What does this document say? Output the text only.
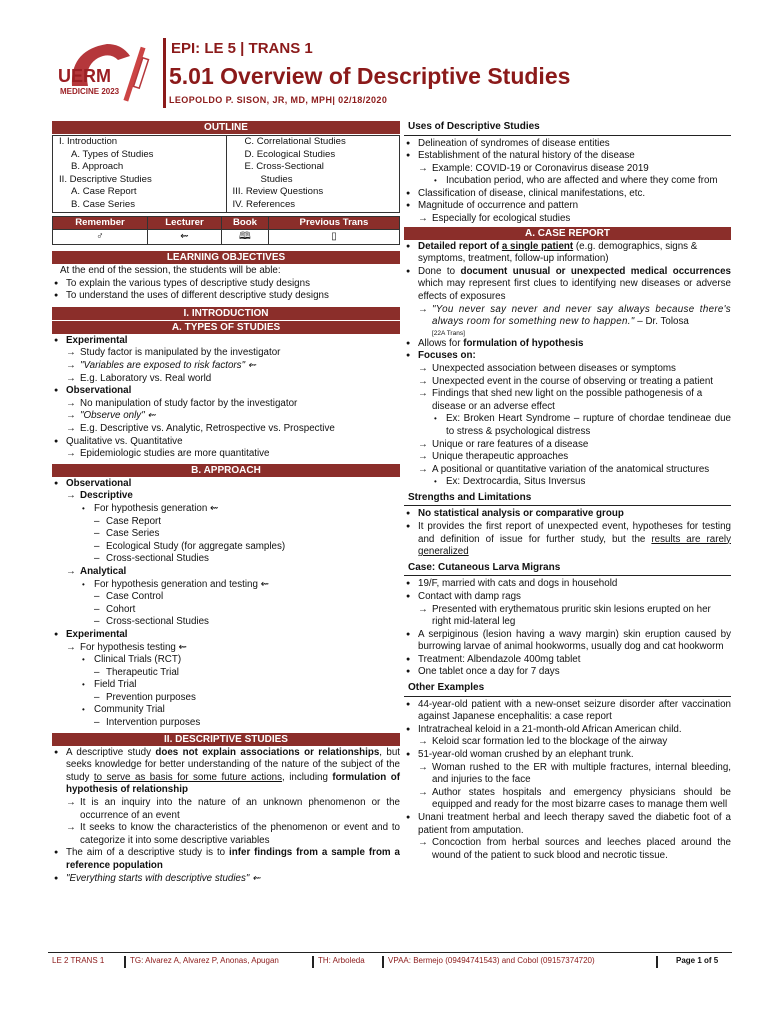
UERM
MEDICINE 2023
EPI: LE 5 | TRANS 1
5.01 Overview of Descriptive Studies
LEOPOLDO P. SISON, JR, MD, MPH| 02/18/2020
OUTLINE
I. Introduction
A. Types of Studies
B. Approach
II. Descriptive Studies
A. Case Report
B. Case Series

C. Correlational Studies
D. Ecological Studies
E. Cross-Sectional
Studies
III. Review Questions
IV. References
Remember	Lecturer	Book	Previous Trans
♂	⇜	🕮	▯
LEARNING OBJECTIVES
At the end of the session, the students will be able:
● To explain the various types of descriptive study designs
● To understand the uses of different descriptive study designs
I. INTRODUCTION
A. TYPES OF STUDIES
● Experimental
→ Study factor is manipulated by the investigator
→ "Variables are exposed to risk factors" ⇜
→ E.g. Laboratory vs. Real world
● Observational
→ No manipulation of study factor by the investigator
→ "Observe only" ⇜
→ E.g. Descriptive vs. Analytic, Retrospective vs. Prospective
● Qualitative vs. Quantitative
→ Epidemiologic studies are more quantitative
B. APPROACH
● Observational
→ Descriptive
• For hypothesis generation ⇜
– Case Report
– Case Series
– Ecological Study (for aggregate samples)
– Cross-sectional Studies
→ Analytical
• For hypothesis generation and testing ⇜
– Case Control
– Cohort
– Cross-sectional Studies
● Experimental
→ For hypothesis testing ⇜
• Clinical Trials (RCT)
– Therapeutic Trial
• Field Trial
– Prevention purposes
• Community Trial
– Intervention purposes
II. DESCRIPTIVE STUDIES
● A descriptive study does not explain associations or relationships, but seeks knowledge for better understanding of the nature of the subject of the study to serve as basis for some future actions, including formulation of hypothesis of relationship
→ It is an inquiry into the nature of an unknown phenomenon or the occurrence of an event
→ It seeks to know the characteristics of the phenomenon or event and to categorize it into some descriptive variables
● The aim of a descriptive study is to infer findings from a sample from a reference population
● "Everything starts with descriptive studies" ⇜
Uses of Descriptive Studies
● Delineation of syndromes of disease entities
● Establishment of the natural history of the disease
→ Example: COVID-19 or Coronavirus disease 2019
• Incubation period, who are affected and where they come from
● Classification of disease, clinical manifestations, etc.
● Magnitude of occurrence and pattern
→ Especially for ecological studies
A. CASE REPORT
● Detailed report of a single patient (e.g. demographics, signs & symptoms, treatment, follow-up information)
● Done to document unusual or unexpected medical occurrences which may represent first clues to identifying new diseases or adverse effects of exposures
→ "You never say never and never say always because there's always room for something new to happen." – Dr. Tolosa
[22A Trans]
● Allows for formulation of hypothesis
● Focuses on:
→ Unexpected association between diseases or symptoms
→ Unexpected event in the course of observing or treating a patient
→ Findings that shed new light on the possible pathogenesis of a disease or an adverse effect
• Ex: Broken Heart Syndrome – rupture of chordae tendineae due to stress & psychological distress
→ Unique or rare features of a disease
→ Unique therapeutic approaches
→ A positional or quantitative variation of the anatomical structures
• Ex: Dextrocardia, Situs Inversus
Strengths and Limitations
● No statistical analysis or comparative group
● It provides the first report of unexpected event, hypotheses for testing and definition of issue for further study, but the results are rarely generalized
Case: Cutaneous Larva Migrans
● 19/F, married with cats and dogs in household
● Contact with damp rags
→ Presented with erythematous pruritic skin lesions erupted on her right mid-lateral leg
● A serpiginous (lesion having a wavy margin) skin eruption caused by burrowing larvae of animal hookworms, usually dog and cat hookworm
● Treatment: Albendazole 400mg tablet
● One tablet once a day for 7 days
Other Examples
● 44-year-old patient with a new-onset seizure disorder after vaccination against Japanese encephalitis: a case report
● Intratracheal keloid in a 21-month-old African American child.
→ Keloid scar formation led to the blockage of the airway
● 51-year-old woman crushed by an elephant trunk.
→ Woman rushed to the ER with multiple fractures, internal bleeding, and injuries to the face
→ Author states hospitals and emergency physicians should be equipped and ready for the most bizarre cases to manage them well
● Unani treatment herbal and leech therapy saved the diabetic foot of a patient from amputation.
→ Concoction from herbal sources and leeches placed around the wound of the patient to suck blood and necrotic tissue.
LE 2 TRANS 1	TG: Alvarez A, Alvarez P, Anonas, Apugan	TH: Arboleda	VPAA: Bermejo (09494741543) and Cobol (09157374720)	Page 1 of 5
